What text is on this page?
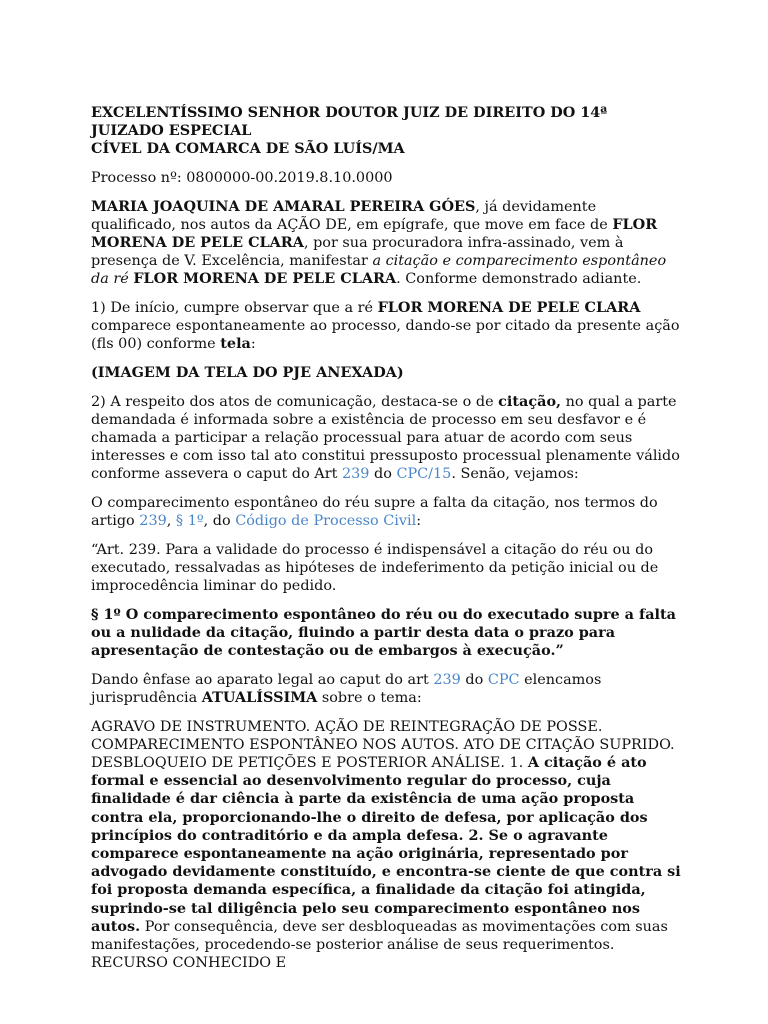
EXCELENTÍSSIMO SENHOR DOUTOR JUIZ DE DIREITO DO 14ª JUIZADO ESPECIAL
CÍVEL DA COMARCA DE SÃO LUÍS/MA

Processo nº: 0800000-00.2019.8.10.0000

MARIA JOAQUINA DE AMARAL PEREIRA GÓES, já devidamente qualificado, nos autos da AÇÃO DE, em epígrafe, que move em face de FLOR MORENA DE PELE CLARA, por sua procuradora infra-assinado, vem à presença de V. Excelência, manifestar a citação e comparecimento espontâneo da ré FLOR MORENA DE PELE CLARA. Conforme demonstrado adiante.

1) De início, cumpre observar que a ré FLOR MORENA DE PELE CLARA comparece espontaneamente ao processo, dando-se por citado da presente ação (fls 00) conforme tela:

(IMAGEM DA TELA DO PJE ANEXADA)

2) A respeito dos atos de comunicação, destaca-se o de citação, no qual a parte demandada é informada sobre a existência de processo em seu desfavor e é chamada a participar a relação processual para atuar de acordo com seus interesses e com isso tal ato constitui pressuposto processual plenamente válido conforme assevera o caput do Art 239 do CPC/15. Senão, vejamos:

O comparecimento espontâneo do réu supre a falta da citação, nos termos do artigo 239, § 1º, do Código de Processo Civil:

“Art. 239. Para a validade do processo é indispensável a citação do réu ou do executado, ressalvadas as hipóteses de indeferimento da petição inicial ou de improcedência liminar do pedido.

§ 1º O comparecimento espontâneo do réu ou do executado supre a falta ou a nulidade da citação, fluindo a partir desta data o prazo para apresentação de contestação ou de embargos à execução.”

Dando ênfase ao aparato legal ao caput do art 239 do CPC elencamos jurisprudência ATUALÍSSIMA sobre o tema:

AGRAVO DE INSTRUMENTO. AÇÃO DE REINTEGRAÇÃO DE POSSE. COMPARECIMENTO ESPONTÂNEO NOS AUTOS. ATO DE CITAÇÃO SUPRIDO. DESBLOQUEIO DE PETIÇÕES E POSTERIOR ANÁLISE. 1. A citação é ato formal e essencial ao desenvolvimento regular do processo, cuja finalidade é dar ciência à parte da existência de uma ação proposta contra ela, proporcionando-lhe o direito de defesa, por aplicação dos princípios do contraditório e da ampla defesa. 2. Se o agravante comparece espontaneamente na ação originária, representado por advogado devidamente constituído, e encontra-se ciente de que contra si foi proposta demanda específica, a finalidade da citação foi atingida, suprindo-se tal diligência pelo seu comparecimento espontâneo nos autos. Por consequência, deve ser desbloqueadas as movimentações com suas manifestações, procedendo-se posterior análise de seus requerimentos. RECURSO CONHECIDO E
